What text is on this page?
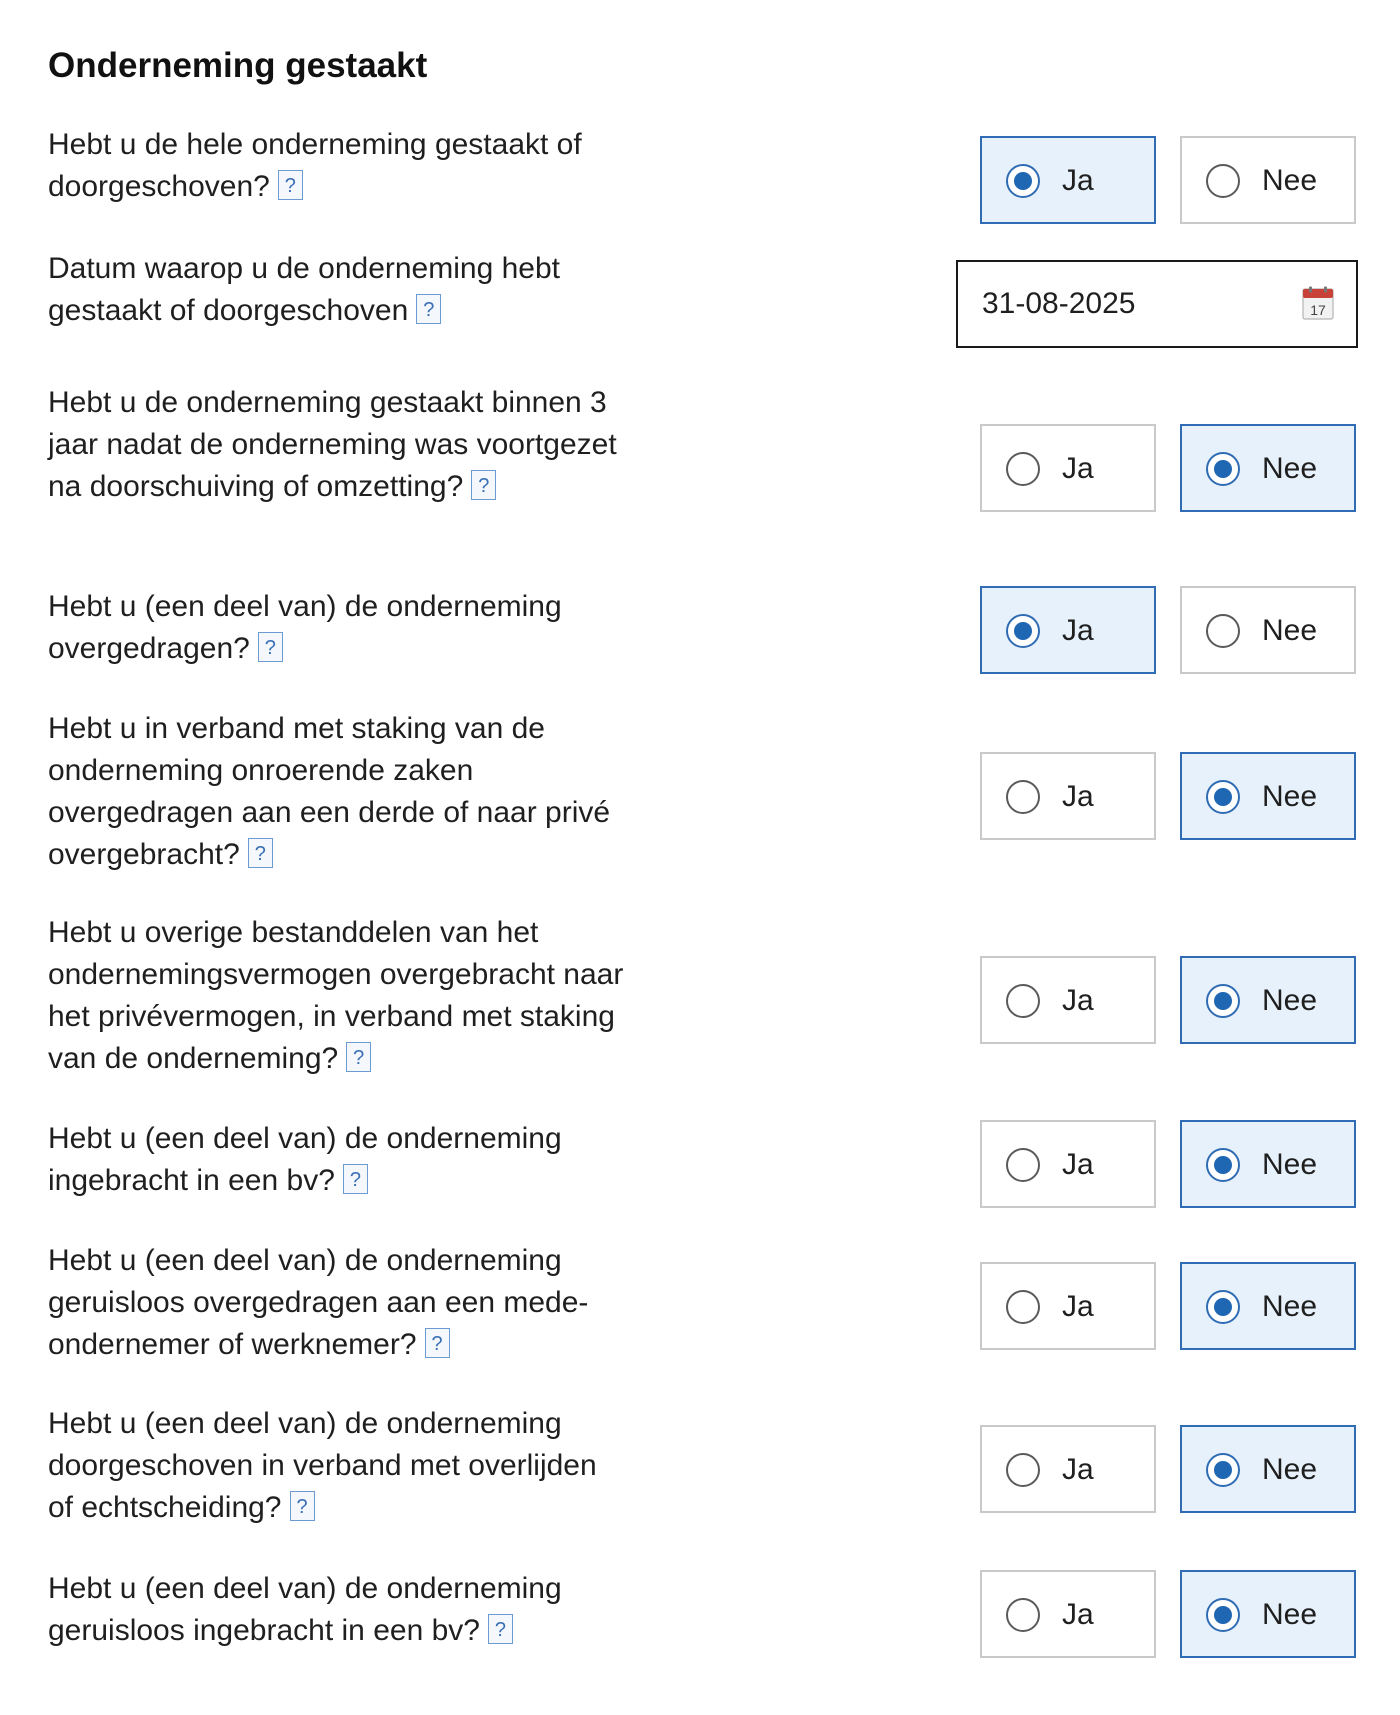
Onderneming gestaakt
Hebt u de hele onderneming gestaakt of doorgeschoven? ?	Ja	Nee
Datum waarop u de onderneming hebt gestaakt of doorgeschoven ?	31-08-2025	17
Hebt u de onderneming gestaakt binnen 3 jaar nadat de onderneming was voortgezet na doorschuiving of omzetting? ?
Ja	Nee
Hebt u (een deel van) de onderneming overgedragen? ?
Ja	Nee
Hebt u in verband met staking van de onderneming onroerende zaken overgedragen aan een derde of naar privé overgebracht? ?
Ja	Nee
Hebt u overige bestanddelen van het ondernemingsvermogen overgebracht naar het privévermogen, in verband met staking van de onderneming? ?
Ja	Nee
Hebt u (een deel van) de onderneming ingebracht in een bv? ?	Ja	Nee
Hebt u (een deel van) de onderneming geruisloos overgedragen aan een mede-ondernemer of werknemer? ?
Ja	Nee
Hebt u (een deel van) de onderneming doorgeschoven in verband met overlijden of echtscheiding? ?
Ja	Nee
Hebt u (een deel van) de onderneming geruisloos ingebracht in een bv? ?	Ja	Nee
